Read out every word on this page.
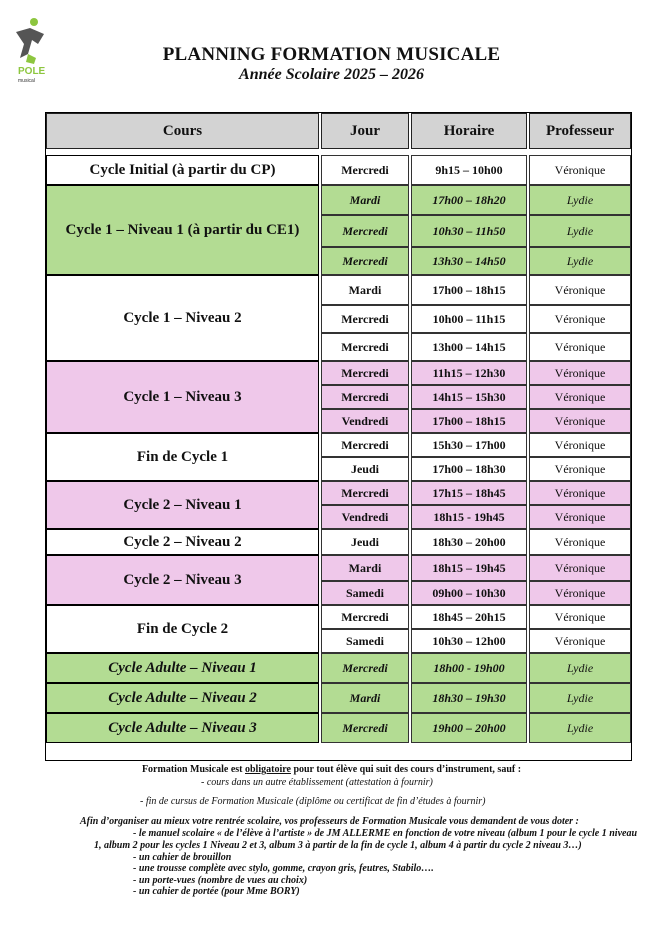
POLE
musical
PLANNING FORMATION MUSICALE
Année Scolaire 2025 – 2026
Cours	Jour	Horaire	Professeur
Cycle Initial (à partir du CP)	Mercredi	9h15 – 10h00	Véronique
Cycle 1 – Niveau 1 (à partir du CE1)
Mardi	17h00 – 18h20	Lydie
Mercredi	10h30 – 11h50	Lydie
Mercredi	13h30 – 14h50	Lydie
Cycle 1 – Niveau 2
Mardi	17h00 – 18h15	Véronique
Mercredi	10h00 – 11h15	Véronique
Mercredi	13h00 – 14h15	Véronique
Cycle 1 – Niveau 3
Mercredi	11h15 – 12h30	Véronique
Mercredi	14h15 – 15h30	Véronique
Vendredi	17h00 – 18h15	Véronique
Fin de Cycle 1
Mercredi	15h30 – 17h00	Véronique
Jeudi	17h00 – 18h30	Véronique
Cycle 2 – Niveau 1
Mercredi	17h15 – 18h45	Véronique
Vendredi	18h15 - 19h45	Véronique
Cycle 2 – Niveau 2	Jeudi	18h30 – 20h00	Véronique
Cycle 2 – Niveau 3
Mardi	18h15 – 19h45	Véronique
Samedi	09h00 – 10h30	Véronique
Fin de Cycle 2
Mercredi	18h45 – 20h15	Véronique
Samedi	10h30 – 12h00	Véronique
Cycle Adulte – Niveau 1	Mercredi	18h00 - 19h00	Lydie
Cycle Adulte – Niveau 2	Mardi	18h30 – 19h30	Lydie
Cycle Adulte – Niveau 3	Mercredi	19h00 – 20h00	Lydie
Formation Musicale est obligatoire pour tout élève qui suit des cours d’instrument, sauf :
- cours dans un autre établissement (attestation à fournir)
- fin de cursus de Formation Musicale (diplôme ou certificat de fin d’études à fournir)
Afin d’organiser au mieux votre rentrée scolaire, vos professeurs de Formation Musicale vous demandent de vous doter :
- le manuel scolaire « de l’élève à l’artiste » de JM ALLERME en fonction de votre niveau (album 1 pour le cycle 1 niveau
1, album 2 pour les cycles 1 Niveau 2 et 3, album 3 à partir de la fin de cycle 1, album 4 à partir du cycle 2 niveau 3…)
- un cahier de brouillon
- une trousse complète avec stylo, gomme, crayon gris, feutres, Stabilo….
- un porte-vues (nombre de vues au choix)
- un cahier de portée (pour Mme BORY)
